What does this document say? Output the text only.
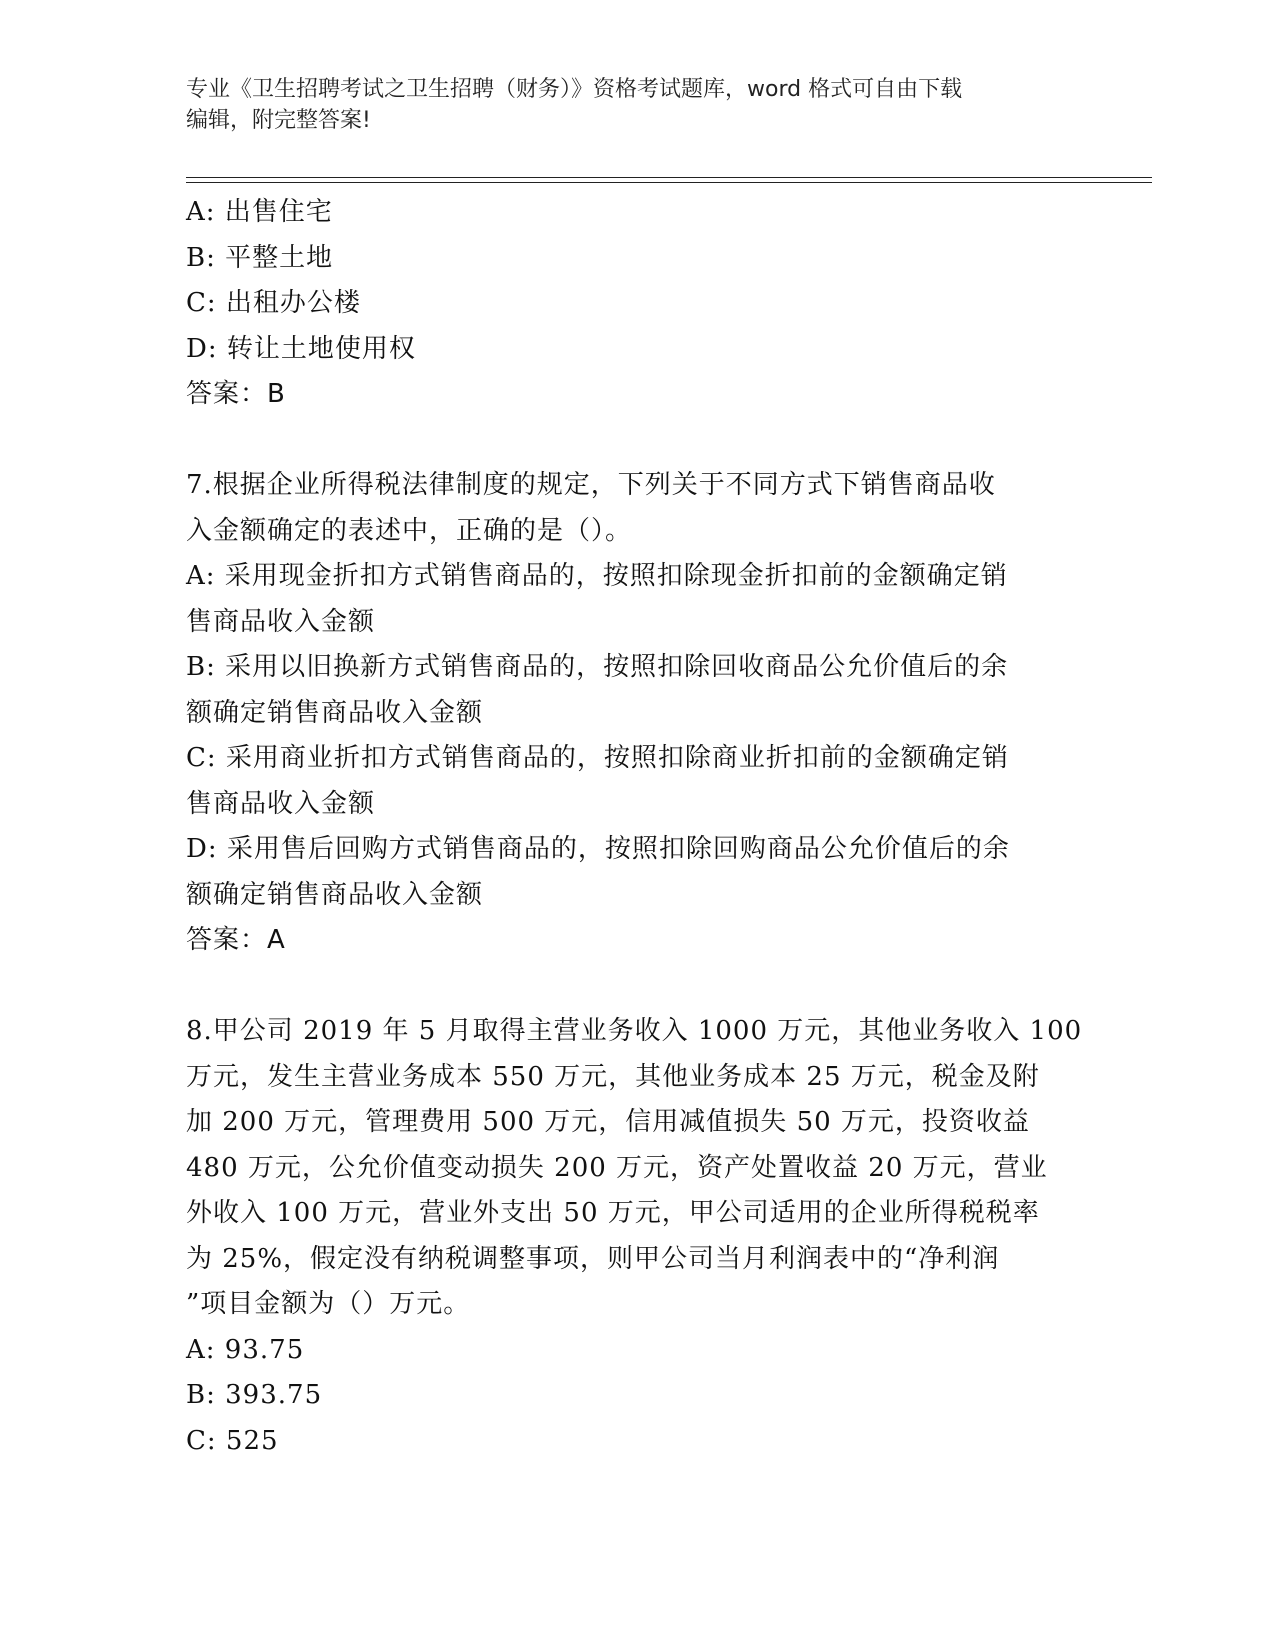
专业《卫生招聘考试之卫生招聘（财务）》资格考试题库，word 格式可自由下载
编辑，附完整答案!

A: 出售住宅

B: 平整土地

C: 出租办公楼

D: 转让土地使用权

答案：B

7.根据企业所得税法律制度的规定，下列关于不同方式下销售商品收

入金额确定的表述中，正确的是（）。

A: 采用现金折扣方式销售商品的，按照扣除现金折扣前的金额确定销

售商品收入金额

B: 采用以旧换新方式销售商品的，按照扣除回收商品公允价值后的余

额确定销售商品收入金额

C: 采用商业折扣方式销售商品的，按照扣除商业折扣前的金额确定销

售商品收入金额

D: 采用售后回购方式销售商品的，按照扣除回购商品公允价值后的余

额确定销售商品收入金额

答案：A

8.甲公司 2019 年 5 月取得主营业务收入 1000 万元，其他业务收入 100

万元，发生主营业务成本 550 万元，其他业务成本 25 万元，税金及附

加 200 万元，管理费用 500 万元，信用减值损失 50 万元，投资收益

480 万元，公允价值变动损失 200 万元，资产处置收益 20 万元，营业

外收入 100 万元，营业外支出 50 万元，甲公司适用的企业所得税税率

为 25%，假定没有纳税调整事项，则甲公司当月利润表中的“净利润

”项目金额为（）万元。

A: 93.75

B: 393.75

C: 525
